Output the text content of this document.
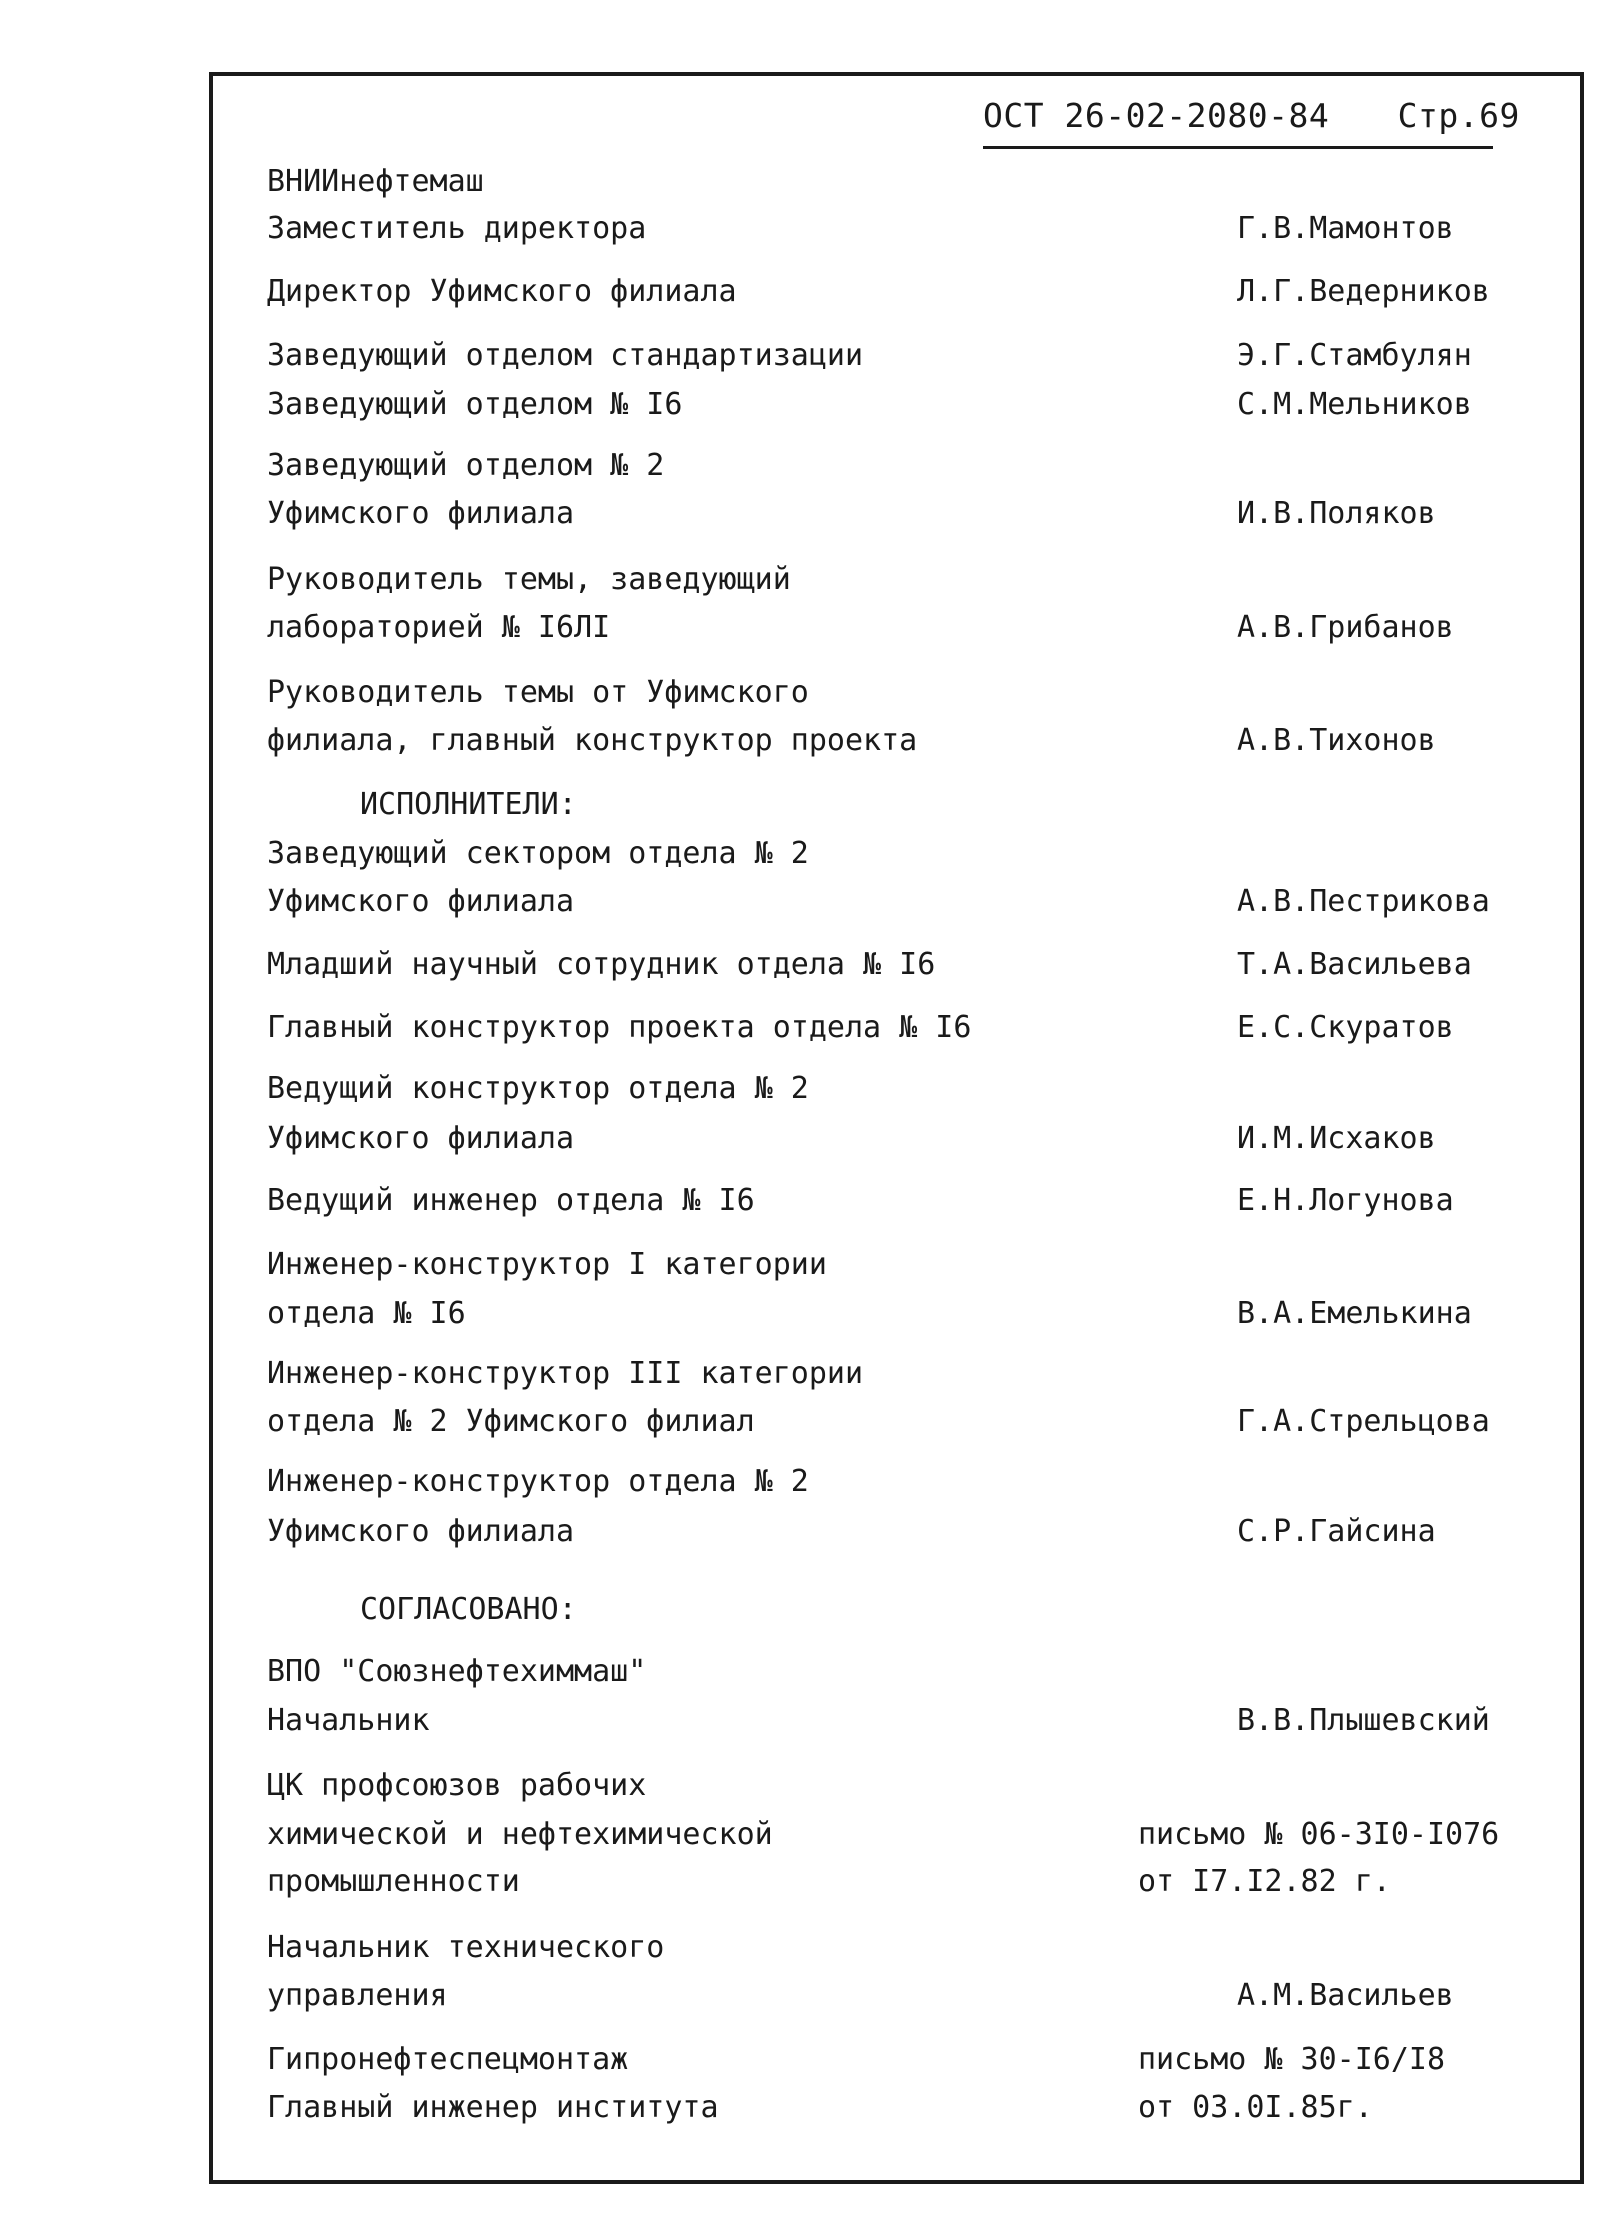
ОСТ 26-02-2080-84 Стр.69
ВНИИнефтемаш
Заместитель директора	Г.В.Мамонтов
Директор Уфимского филиала	Л.Г.Ведерников
Заведующий отделом стандартизации	Э.Г.Стамбулян
Заведующий отделом № I6	С.М.Мельников
Заведующий отделом № 2
Уфимского филиала	И.В.Поляков
Руководитель темы, заведующий
лабораторией № I6ЛI	А.В.Грибанов
Руководитель темы от Уфимского
филиала, главный конструктор проекта	А.В.Тихонов
ИСПОЛНИТЕЛИ:
Заведующий сектором отдела № 2
Уфимского филиала	А.В.Пестрикова
Младший научный сотрудник отдела № I6	Т.А.Васильева
Главный конструктор проекта отдела № I6	Е.С.Скуратов
Ведущий конструктор отдела № 2
Уфимского филиала	И.М.Исхаков
Ведущий инженер отдела № I6	Е.Н.Логунова
Инженер-конструктор I категории
отдела № I6	В.А.Емелькина
Инженер-конструктор III категории
отдела № 2 Уфимского филиал	Г.А.Стрельцова
Инженер-конструктор отдела № 2
Уфимского филиала	С.Р.Гайсина
СОГЛАСОВАНО:
ВПО "Союзнефтехиммаш"
Начальник	В.В.Плышевский
ЦК профсоюзов рабочих
химической и нефтехимической	письмо № 06-3I0-I076
промышленности	от I7.I2.82 г.
Начальник технического
управления	А.М.Васильев
Гипронефтеспецмонтаж	письмо № 30-I6/I8
Главный инженер института	от 03.0I.85г.
